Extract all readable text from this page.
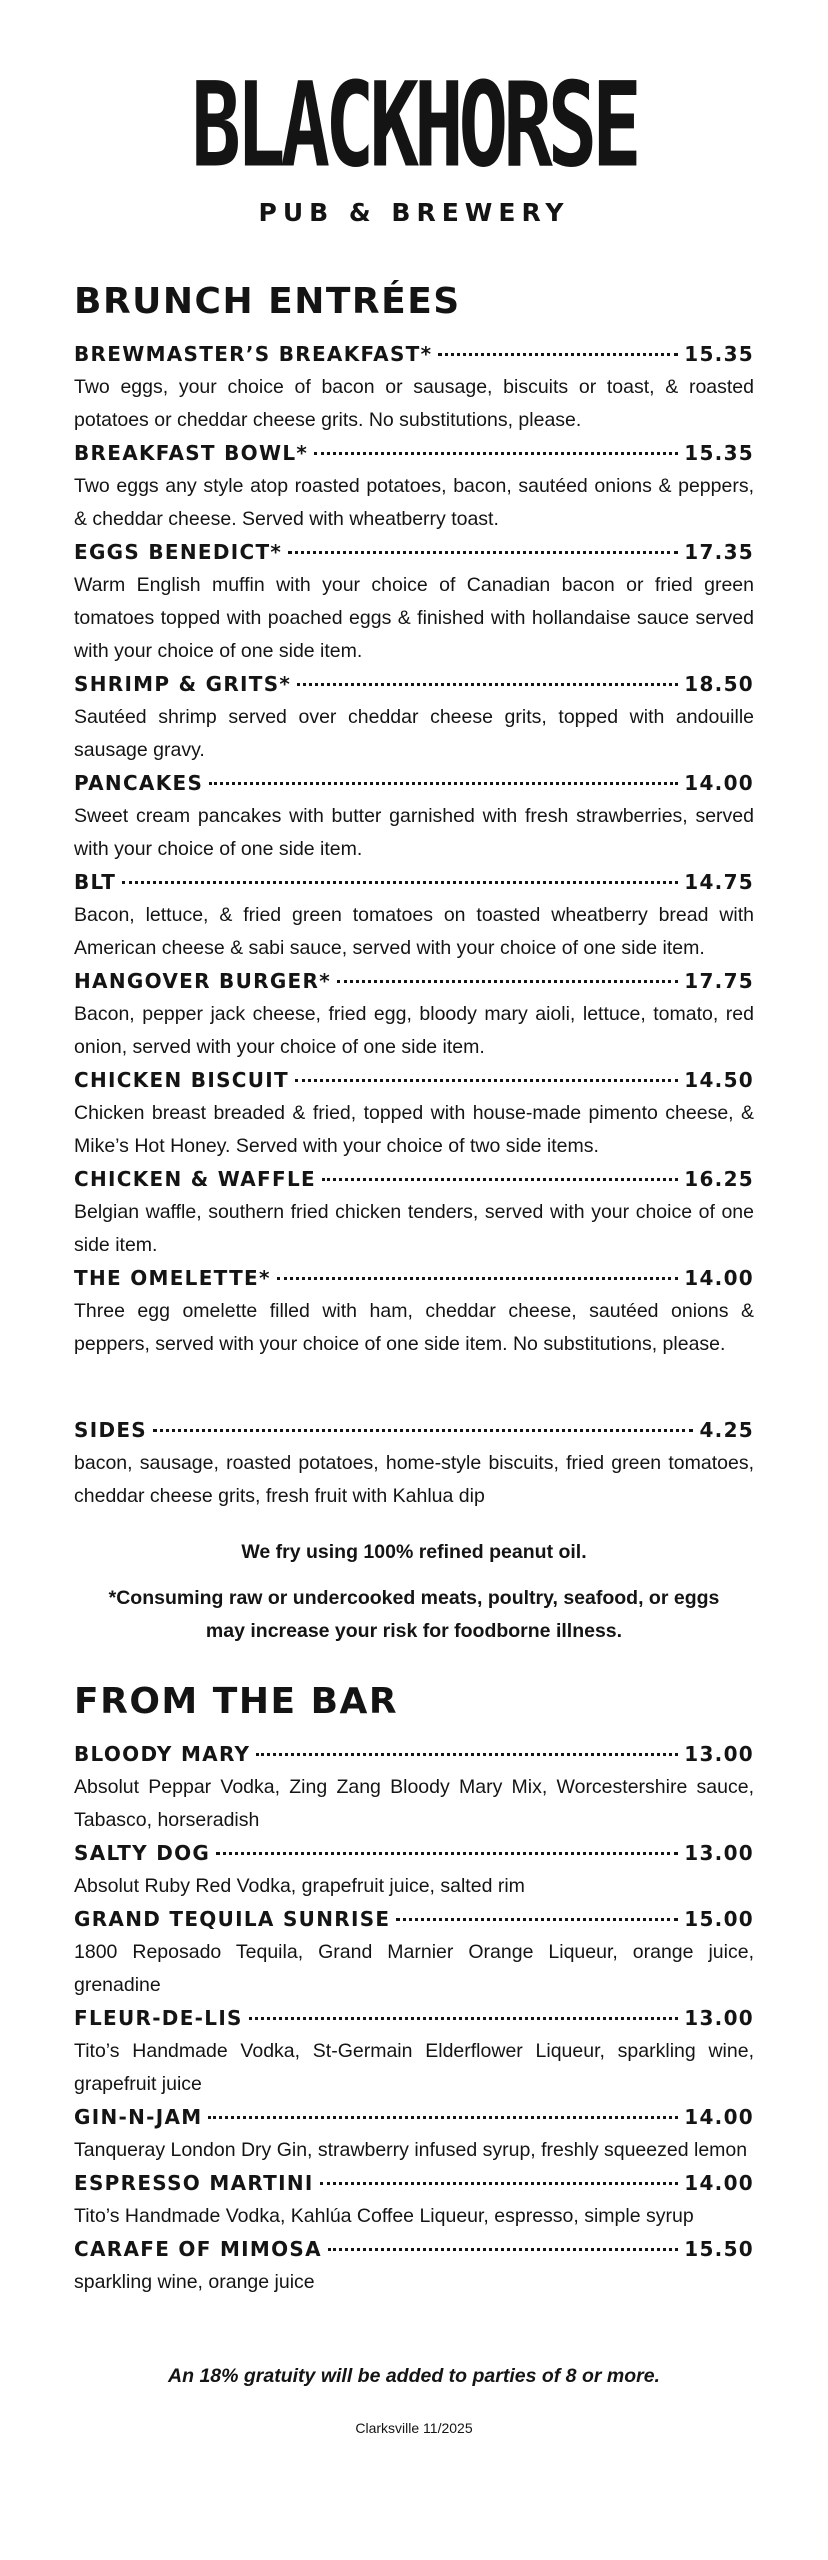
BLACKHORSE
PUB & BREWERY
BRUNCH ENTRÉES
BREWMASTER’S BREAKFAST*	15.35

Two eggs, your choice of bacon or sausage, biscuits or toast, & roasted potatoes or cheddar cheese grits. No substitutions, please.

BREAKFAST BOWL*	15.35

Two eggs any style atop roasted potatoes, bacon, sautéed onions & peppers, & cheddar cheese. Served with wheatberry toast.

EGGS BENEDICT*	17.35

Warm English muffin with your choice of Canadian bacon or fried green tomatoes topped with poached eggs & finished with hollandaise sauce served with your choice of one side item.

SHRIMP & GRITS*	18.50

Sautéed shrimp served over cheddar cheese grits, topped with andouille sausage gravy.

PANCAKES	14.00

Sweet cream pancakes with butter garnished with fresh strawberries, served with your choice of one side item.

BLT	14.75

Bacon, lettuce, & fried green tomatoes on toasted wheatberry bread with American cheese & sabi sauce, served with your choice of one side item.

HANGOVER BURGER*	17.75

Bacon, pepper jack cheese, fried egg, bloody mary aioli, lettuce, tomato, red onion, served with your choice of one side item.

CHICKEN BISCUIT	14.50

Chicken breast breaded & fried, topped with house-made pimento cheese, & Mike’s Hot Honey. Served with your choice of two side items.

CHICKEN & WAFFLE	16.25

Belgian waffle, southern fried chicken tenders, served with your choice of one side item.

THE OMELETTE*	14.00

Three egg omelette filled with ham, cheddar cheese, sautéed onions & peppers, served with your choice of one side item. No substitutions, please.

SIDES	4.25

bacon, sausage, roasted potatoes, home-style biscuits, fried green tomatoes, cheddar cheese grits, fresh fruit with Kahlua dip

We fry using 100% refined peanut oil.
*Consuming raw or undercooked meats, poultry, seafood, or eggs may increase your risk for foodborne illness.
FROM THE BAR
BLOODY MARY	13.00

Absolut Peppar Vodka, Zing Zang Bloody Mary Mix, Worcestershire sauce, Tabasco, horseradish

SALTY DOG	13.00

Absolut Ruby Red Vodka, grapefruit juice, salted rim

GRAND TEQUILA SUNRISE	15.00

1800 Reposado Tequila, Grand Marnier Orange Liqueur, orange juice, grenadine

FLEUR-DE-LIS	13.00

Tito’s Handmade Vodka, St-Germain Elderflower Liqueur, sparkling wine, grapefruit juice

GIN-N-JAM	14.00

Tanqueray London Dry Gin, strawberry infused syrup, freshly squeezed lemon

ESPRESSO MARTINI	14.00

Tito’s Handmade Vodka, Kahlúa Coffee Liqueur, espresso, simple syrup

CARAFE OF MIMOSA	15.50

sparkling wine, orange juice

An 18% gratuity will be added to parties of 8 or more.
Clarksville 11/2025
